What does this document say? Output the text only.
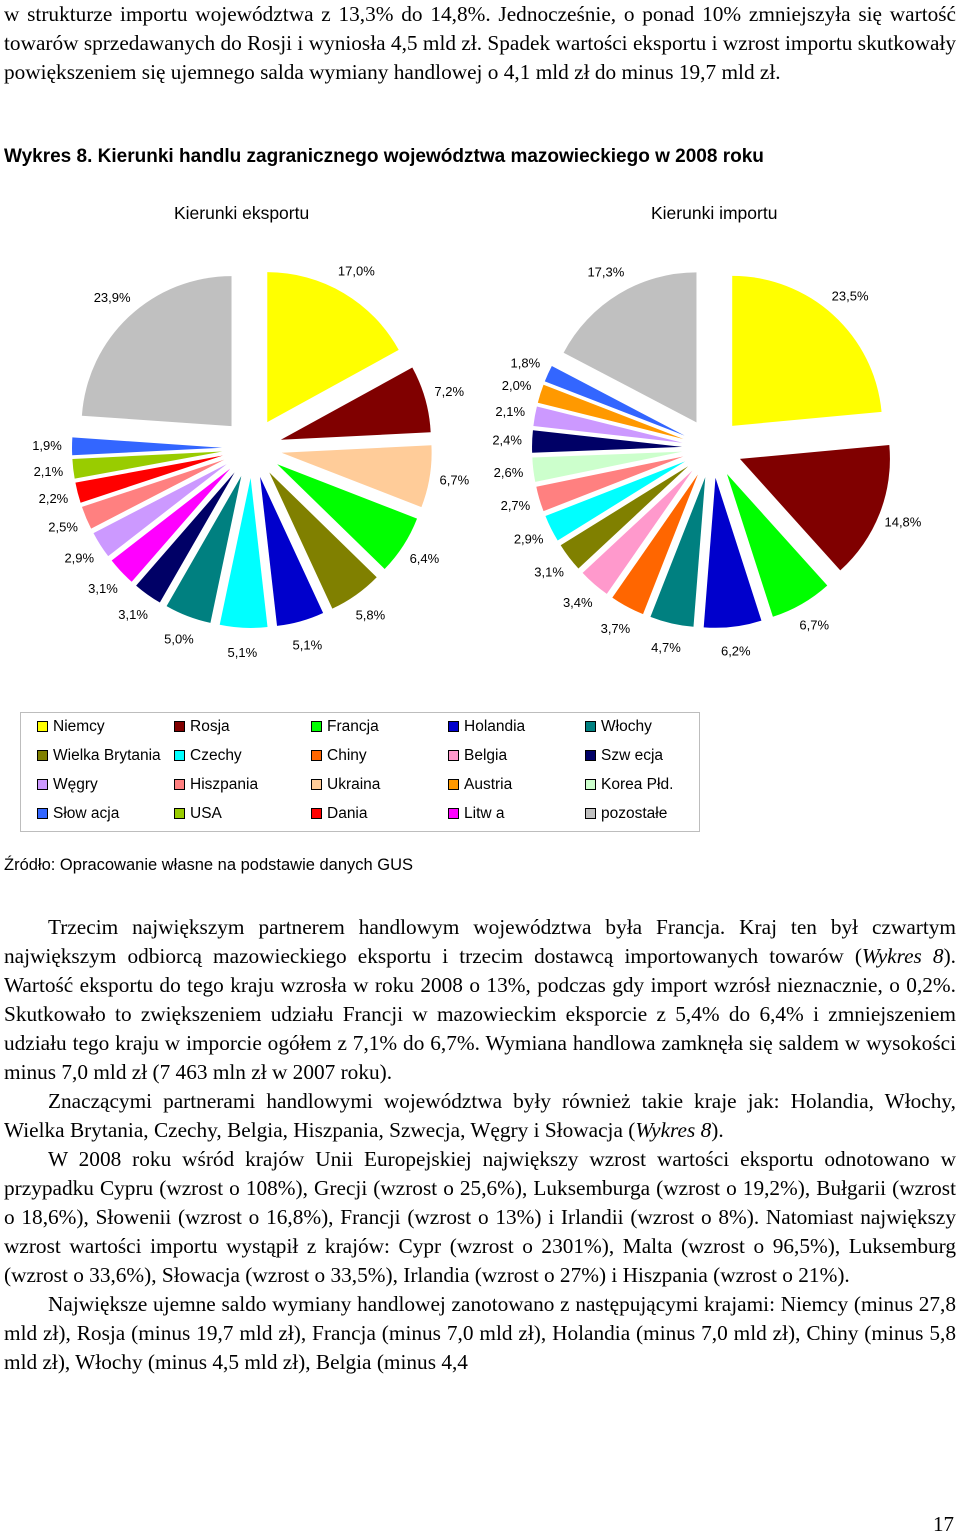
w strukturze importu województwa z 13,3% do 14,8%. Jednocześnie, o ponad 10% zmniejszyła się wartość towarów sprzedawanych do Rosji i wyniosła 4,5 mld zł. Spadek wartości eksportu i wzrost importu skutkowały powiększeniem się ujemnego salda wymiany handlowej o 4,1 mld zł do minus 19,7 mld zł.

Wykres 8. Kierunki handlu zagranicznego województwa mazowieckiego w 2008 roku
Kierunki eksportu	Kierunki importu
17,0%
7,2%
6,7%
6,4%
5,8%
5,1%
5,1%
5,0%
3,1%
3,1%
2,9%
2,5%
2,2%
2,1%
1,9%
23,9%	23,5%
14,8%
6,7%
6,2%
4,7%
3,7%
3,4%
3,1%
2,9%
2,7%
2,6%
2,4%
2,1%
2,0%
1,8%
17,3%
Niemcy	Rosja	Francja	Holandia	Włochy
Wielka Brytania	Czechy	Chiny	Belgia	Szw ecja
Węgry	Hiszpania	Ukraina	Austria	Korea Płd.
Słow acja	USA	Dania	Litw a	pozostałe
Źródło: Opracowanie własne na podstawie danych GUS

Trzecim największym partnerem handlowym województwa była Francja. Kraj ten był czwartym największym odbiorcą mazowieckiego eksportu i trzecim dostawcą importowanych towarów (Wykres 8). Wartość eksportu do tego kraju wzrosła w roku 2008 o 13%, podczas gdy import wzrósł nieznacznie, o 0,2%. Skutkowało to zwiększeniem udziału Francji w mazowieckim eksporcie z 5,4% do 6,4% i zmniejszeniem udziału tego kraju w imporcie ogółem z 7,1% do 6,7%. Wymiana handlowa zamknęła się saldem w wysokości minus 7,0 mld zł (7 463 mln zł w 2007 roku).

Znaczącymi partnerami handlowymi województwa były również takie kraje jak: Holandia, Włochy, Wielka Brytania, Czechy, Belgia, Hiszpania, Szwecja, Węgry i Słowacja (Wykres 8).

W 2008 roku wśród krajów Unii Europejskiej największy wzrost wartości eksportu odnotowano w przypadku Cypru (wzrost o 108%), Grecji (wzrost o 25,6%), Luksemburga (wzrost o 19,2%), Bułgarii (wzrost o 18,6%), Słowenii (wzrost o 16,8%), Francji (wzrost o 13%) i Irlandii (wzrost o 8%). Natomiast największy wzrost wartości importu wystąpił z krajów: Cypr (wzrost o 2301%), Malta (wzrost o 96,5%), Luksemburg (wzrost o 33,6%), Słowacja (wzrost o 33,5%), Irlandia (wzrost o 27%) i Hiszpania (wzrost o 21%).

Największe ujemne saldo wymiany handlowej zanotowano z następującymi krajami: Niemcy (minus 27,8 mld zł), Rosja (minus 19,7 mld zł), Francja (minus 7,0 mld zł), Holandia (minus 7,0 mld zł), Chiny (minus 5,8 mld zł), Włochy (minus 4,5 mld zł), Belgia (minus 4,4

17
